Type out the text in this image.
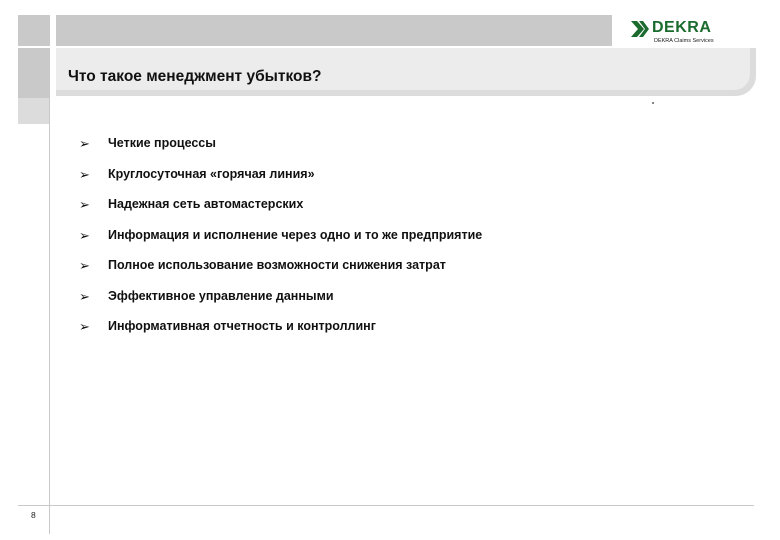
DEKRA
DEKRA Claims Services
Что такое менеджмент убытков?
➢ Четкие процессы
➢ Круглосуточная «горячая линия»
➢ Надежная сеть автомастерских
➢ Информация и исполнение через одно и то же предприятие
➢ Полное использование возможности снижения затрат
➢ Эффективное управление данными
➢ Информативная отчетность и контроллинг
8
